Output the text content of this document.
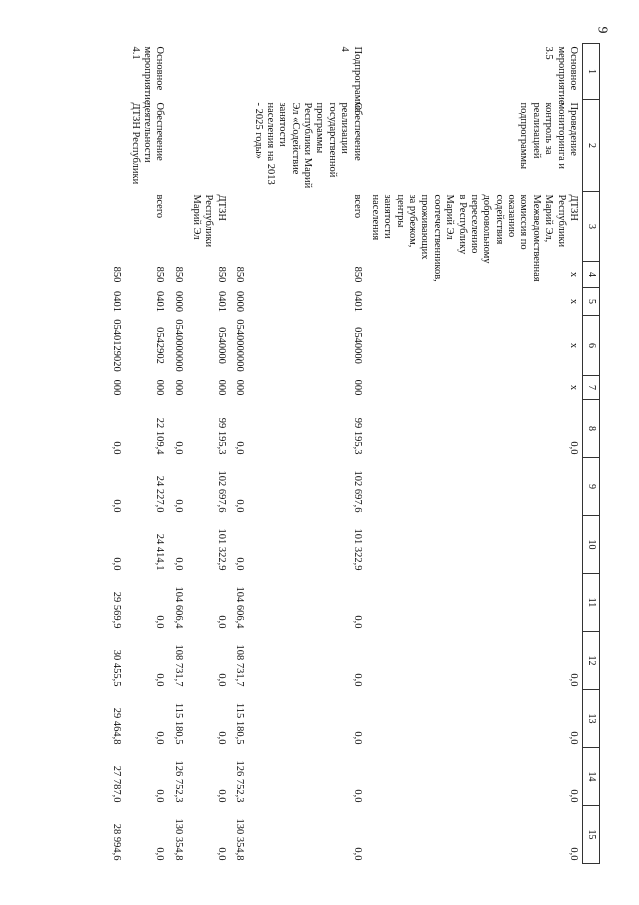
9
1	2	3	4	5	6	7	8	9	10	11	12	13	14	15
Основное мероприятие 3.5	Проведение мониторинга и контроль за реализацией подпрограммы	ДТЗН Республики Марий Эл, Межведомственная комиссия по оказанию содействия добровольному переселению в Республику Марий Эл соотечественников, проживающих за рубежом, центры занятости населения	х	х	х	х	0,0				0,0	0,0	0,0	0,0
Подпрограмма 4	Обеспечение реализации государственной программы Республики Марий Эл «Содействие занятости населения на 2013 - 2025 годы»	всего	850	0401	0540000	000	99 195,3	102 697,6	101 322,9	0,0	0,0	0,0	0,0	0,0
			850	0000	0540000000	000	0,0	0,0	0,0	104 606,4	108 731,7	115 180,5	126 752,3	130 354,8
		ДТЗН Республики Марий Эл	850	0401	0540000	000	99 195,3	102 697,6	101 322,9	0,0	0,0	0,0	0,0	0,0
			850	0000	0540000000	000	0,0	0,0	0,0	104 606,4	108 731,7	115 180,5	126 752,3	130 354,8
Основное мероприятие 4.1	Обеспечение деятельности ДТЗН Республики	всего	850	0401	0542902	000	22 109,4	24 227,0	24 414,1	0,0	0,0	0,0	0,0	0,0
			850	0401	0540129020	000	0,0	0,0	0,0	29 569,9	30 455,5	29 464,8	27 787,0	28 994,6
